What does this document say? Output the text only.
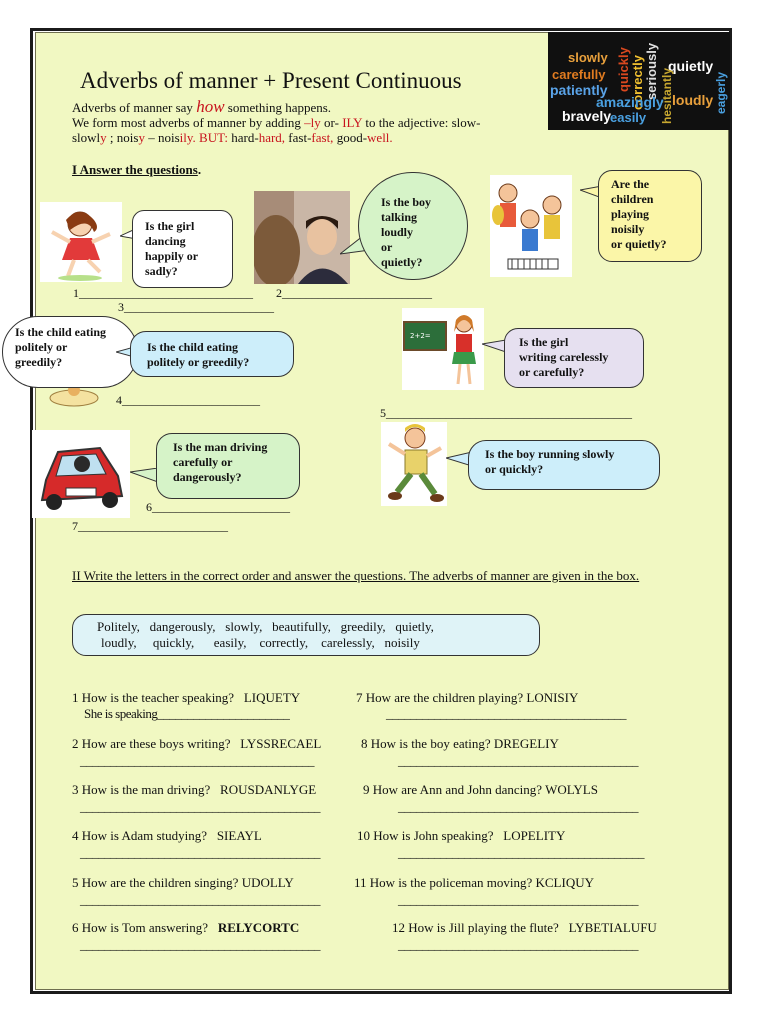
Adverbs of manner + Present Continuous
slowly
carefully quickly correctly seriously quietly
patiently	hesitantly
amazingly loudly eagerly
bravely
easily
Adverbs of manner say how something happens.
We form most adverbs of manner by adding –ly or- ILY to the adjective: slow-
slowly ; noisy – noisily. BUT: hard-hard, fast-fast, good-well.
I Answer the questions.
2+2=
Is the girl
dancing
happily or
sadly?
Is the boy
talking
loudly
or
quietly?
Are the
children
playing
noisily
or quietly?
Is the child eating
politely or
greedily?
Is the child eating
politely or greedily?
Is the girl
writing carelessly
or carefully?
Is the man driving
carefully or
dangerously?
Is the boy running slowly
or quickly?
1_____________________________ 2_________________________
3_________________________
4_______________________
5_________________________________________
6_______________________
7_________________________
II Write the letters in the correct order and answer the questions. The adverbs of manner are given in the box.
Politely,   dangerously,   slowly,   beautifully,   greedily,   quietly,
loudly,     quickly,      easily,    correctly,    carelessly,   noisily
1 How is the teacher speaking? LIQUETY
She is speaking______________________
2 How are these boys writing? LYSSRECAEL
_______________________________________
3 How is the man driving? ROUSDANLYGE
________________________________________
4 How is Adam studying? SIEAYL
________________________________________
5 How are the children singing? UDOLLY
________________________________________
6 How is Tom answering? RELYCORTC
________________________________________
7 How are the children playing? LONISIY
________________________________________
8 How is the boy eating? DREGELIY
________________________________________
9 How are Ann and John dancing? WOLYLS
________________________________________
10 How is John speaking? LOPELITY
_________________________________________
11 How is the policeman moving? KCLIQUY
________________________________________
12 How is Jill playing the flute? LYBETIALUFU
________________________________________
